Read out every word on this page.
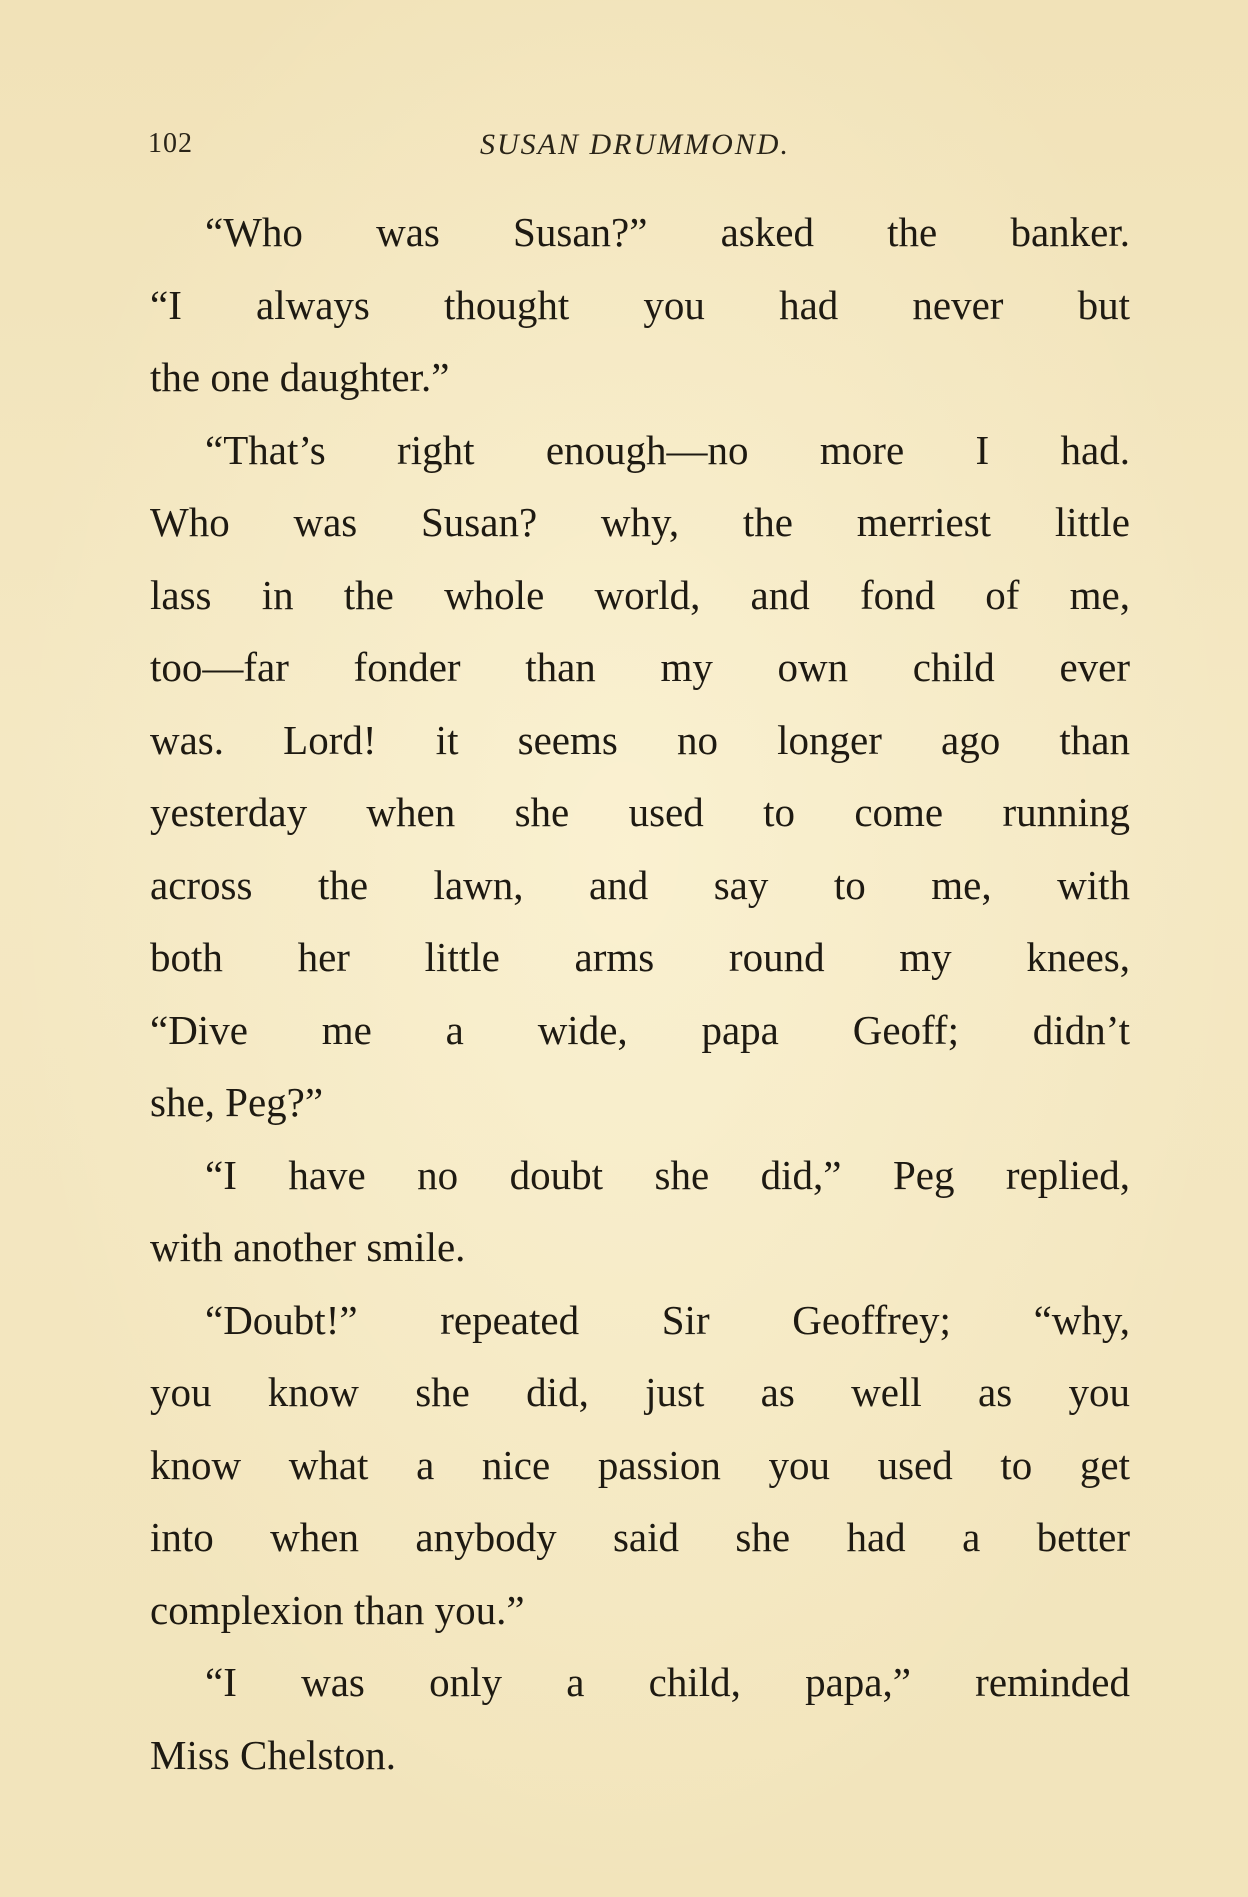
102	SUSAN DRUMMOND.
“Who was Susan?” asked the banker.
“I always thought you had never but
the one daughter.”
“That’s right enough—no more I had.
Who was Susan? why, the merriest little
lass in the whole world, and fond of me,
too—far fonder than my own child ever
was. Lord! it seems no longer ago than
yesterday when she used to come running
across the lawn, and say to me, with
both her little arms round my knees,
“Dive me a wide, papa Geoff; didn’t
she, Peg?”
“I have no doubt she did,” Peg replied,
with another smile.
“Doubt!” repeated Sir Geoffrey; “why,
you know she did, just as well as you
know what a nice passion you used to get
into when anybody said she had a better
complexion than you.”
“I was only a child, papa,” reminded
Miss Chelston.
